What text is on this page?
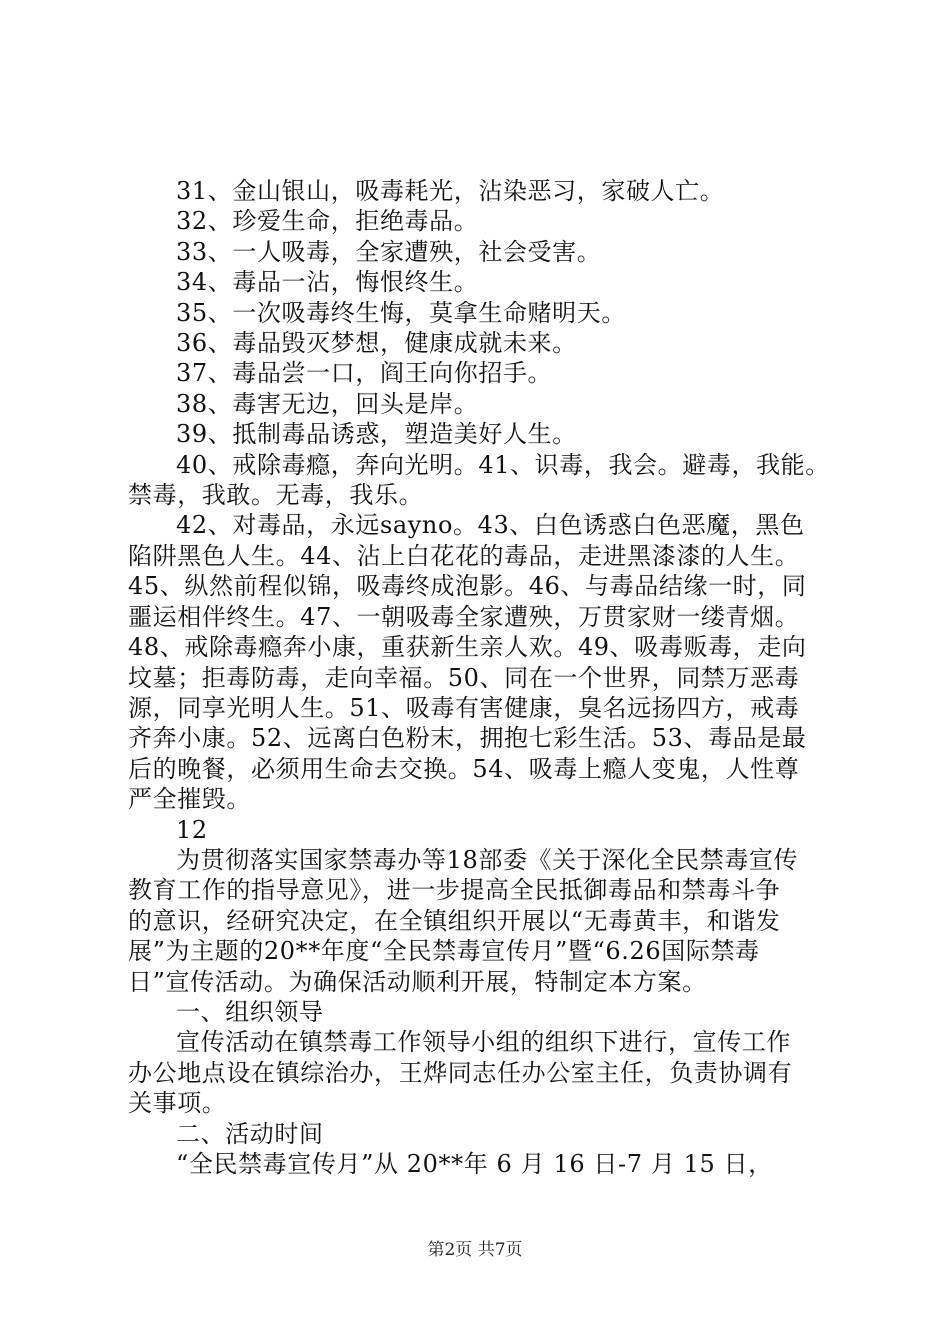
31、金山银山，吸毒耗光，沾染恶习，家破人亡。
32、珍爱生命，拒绝毒品。
33、一人吸毒，全家遭殃，社会受害。
34、毒品一沾，悔恨终生。
35、一次吸毒终生悔，莫拿生命赌明天。
36、毒品毁灭梦想，健康成就未来。
37、毒品尝一口，阎王向你招手。
38、毒害无边，回头是岸。
39、抵制毒品诱惑，塑造美好人生。
40、戒除毒瘾，奔向光明。41、识毒，我会。避毒，我能。
禁毒，我敢。无毒，我乐。
42、对毒品，永远sayno。43、白色诱惑白色恶魔，黑色
陷阱黑色人生。44、沾上白花花的毒品，走进黑漆漆的人生。
45、纵然前程似锦，吸毒终成泡影。46、与毒品结缘一时，同
噩运相伴终生。47、一朝吸毒全家遭殃，万贯家财一缕青烟。
48、戒除毒瘾奔小康，重获新生亲人欢。49、吸毒贩毒，走向
坟墓；拒毒防毒，走向幸福。50、同在一个世界，同禁万恶毒
源，同享光明人生。51、吸毒有害健康，臭名远扬四方，戒毒
齐奔小康。52、远离白色粉末，拥抱七彩生活。53、毒品是最
后的晚餐，必须用生命去交换。54、吸毒上瘾人变鬼，人性尊
严全摧毁。
12
为贯彻落实国家禁毒办等18部委《关于深化全民禁毒宣传
教育工作的指导意见》，进一步提高全民抵御毒品和禁毒斗争
的意识，经研究决定，在全镇组织开展以“无毒黄丰，和谐发
展”为主题的20**年度“全民禁毒宣传月”暨“6.26国际禁毒
日”宣传活动。为确保活动顺利开展，特制定本方案。
一、组织领导
宣传活动在镇禁毒工作领导小组的组织下进行，宣传工作
办公地点设在镇综治办，王烨同志任办公室主任，负责协调有
关事项。
二、活动时间
“全民禁毒宣传月”从 20**年 6 月 16 日-7 月 15 日，
第2页 共7页
